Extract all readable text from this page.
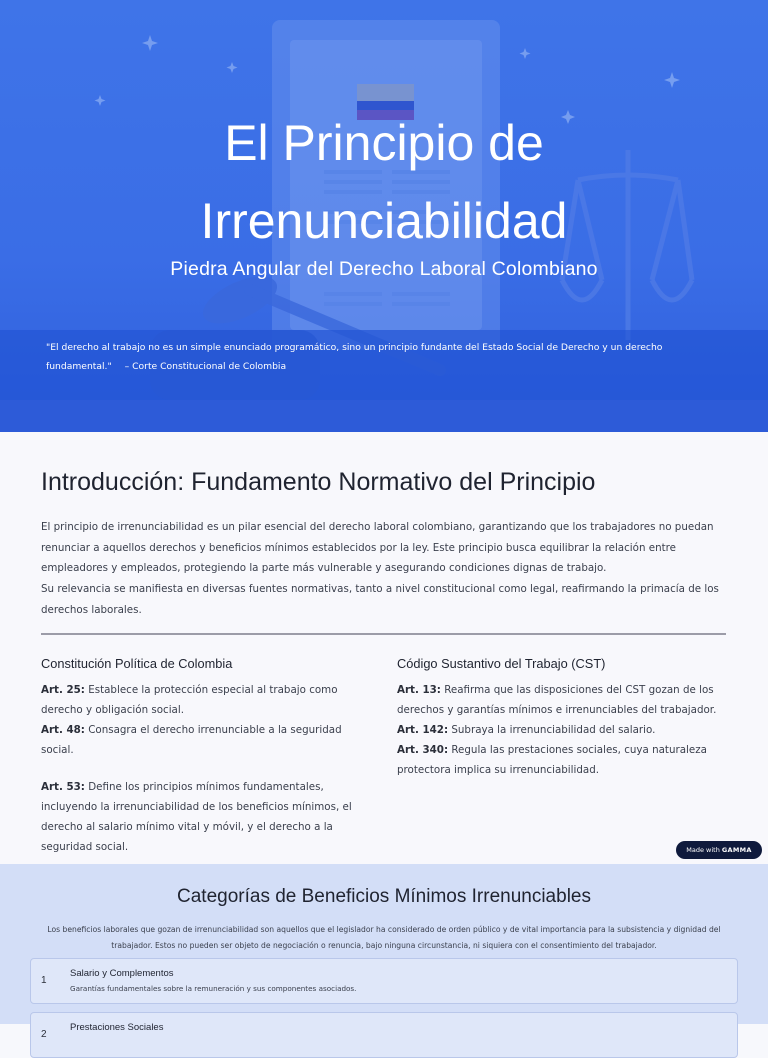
El Principio de Irrenunciabilidad
Piedra Angular del Derecho Laboral Colombiano
"El derecho al trabajo no es un simple enunciado programático, sino un principio fundante del Estado Social de Derecho y un derecho fundamental." – Corte Constitucional de Colombia
Introducción: Fundamento Normativo del Principio

El principio de irrenunciabilidad es un pilar esencial del derecho laboral colombiano, garantizando que los trabajadores no puedan renunciar a aquellos derechos y beneficios mínimos establecidos por la ley. Este principio busca equilibrar la relación entre empleadores y empleados, protegiendo la parte más vulnerable y asegurando condiciones dignas de trabajo.

Su relevancia se manifiesta en diversas fuentes normativas, tanto a nivel constitucional como legal, reafirmando la primacía de los derechos laborales.

Constitución Política de Colombia

Art. 25: Establece la protección especial al trabajo como derecho y obligación social.

Art. 48: Consagra el derecho irrenunciable a la seguridad social.

Art. 53: Define los principios mínimos fundamentales, incluyendo la irrenunciabilidad de los beneficios mínimos, el derecho al salario mínimo vital y móvil, y el derecho a la seguridad social.

Código Sustantivo del Trabajo (CST)

Art. 13: Reafirma que las disposiciones del CST gozan de los derechos y garantías mínimos e irrenunciables del trabajador.

Art. 142: Subraya la irrenunciabilidad del salario.

Art. 340: Regula las prestaciones sociales, cuya naturaleza protectora implica su irrenunciabilidad.

Made with GAMMA
Categorías de Beneficios Mínimos Irrenunciables

Los beneficios laborales que gozan de irrenunciabilidad son aquellos que el legislador ha considerado de orden público y de vital importancia para la subsistencia y dignidad del trabajador. Estos no pueden ser objeto de negociación o renuncia, bajo ninguna circunstancia, ni siquiera con el consentimiento del trabajador.

1
Salario y Complementos
Garantías fundamentales sobre la remuneración y sus componentes asociados.
2
Prestaciones Sociales
